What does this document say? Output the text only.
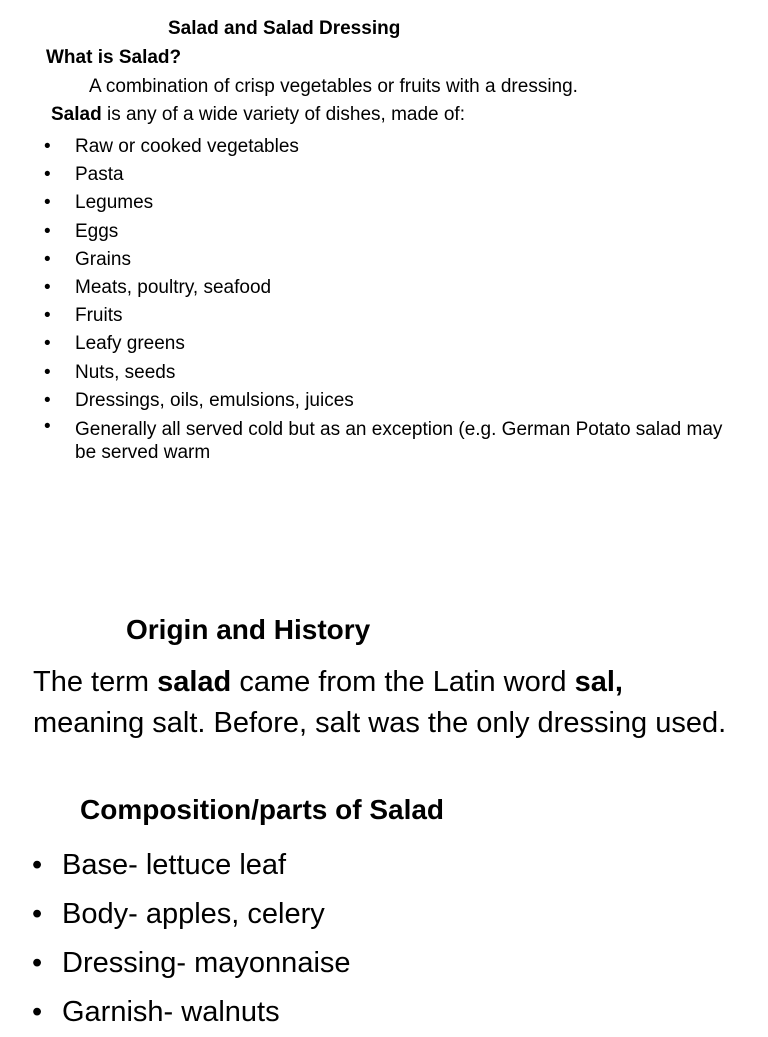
Salad and Salad Dressing
What is Salad?
A combination of crisp vegetables or fruits with a dressing.
Salad is any of a wide variety of dishes, made of:
• Raw or cooked vegetables
• Pasta
• Legumes
• Eggs
• Grains
• Meats, poultry, seafood
• Fruits
• Leafy greens
• Nuts, seeds
• Dressings, oils, emulsions, juices
• Generally all served cold but as an exception (e.g. German Potato salad may be served warm
Origin and History
The term salad came from the Latin word sal, meaning salt. Before, salt was the only dressing used.
Composition/parts of Salad
• Base- lettuce leaf
• Body- apples, celery
• Dressing- mayonnaise
• Garnish- walnuts
